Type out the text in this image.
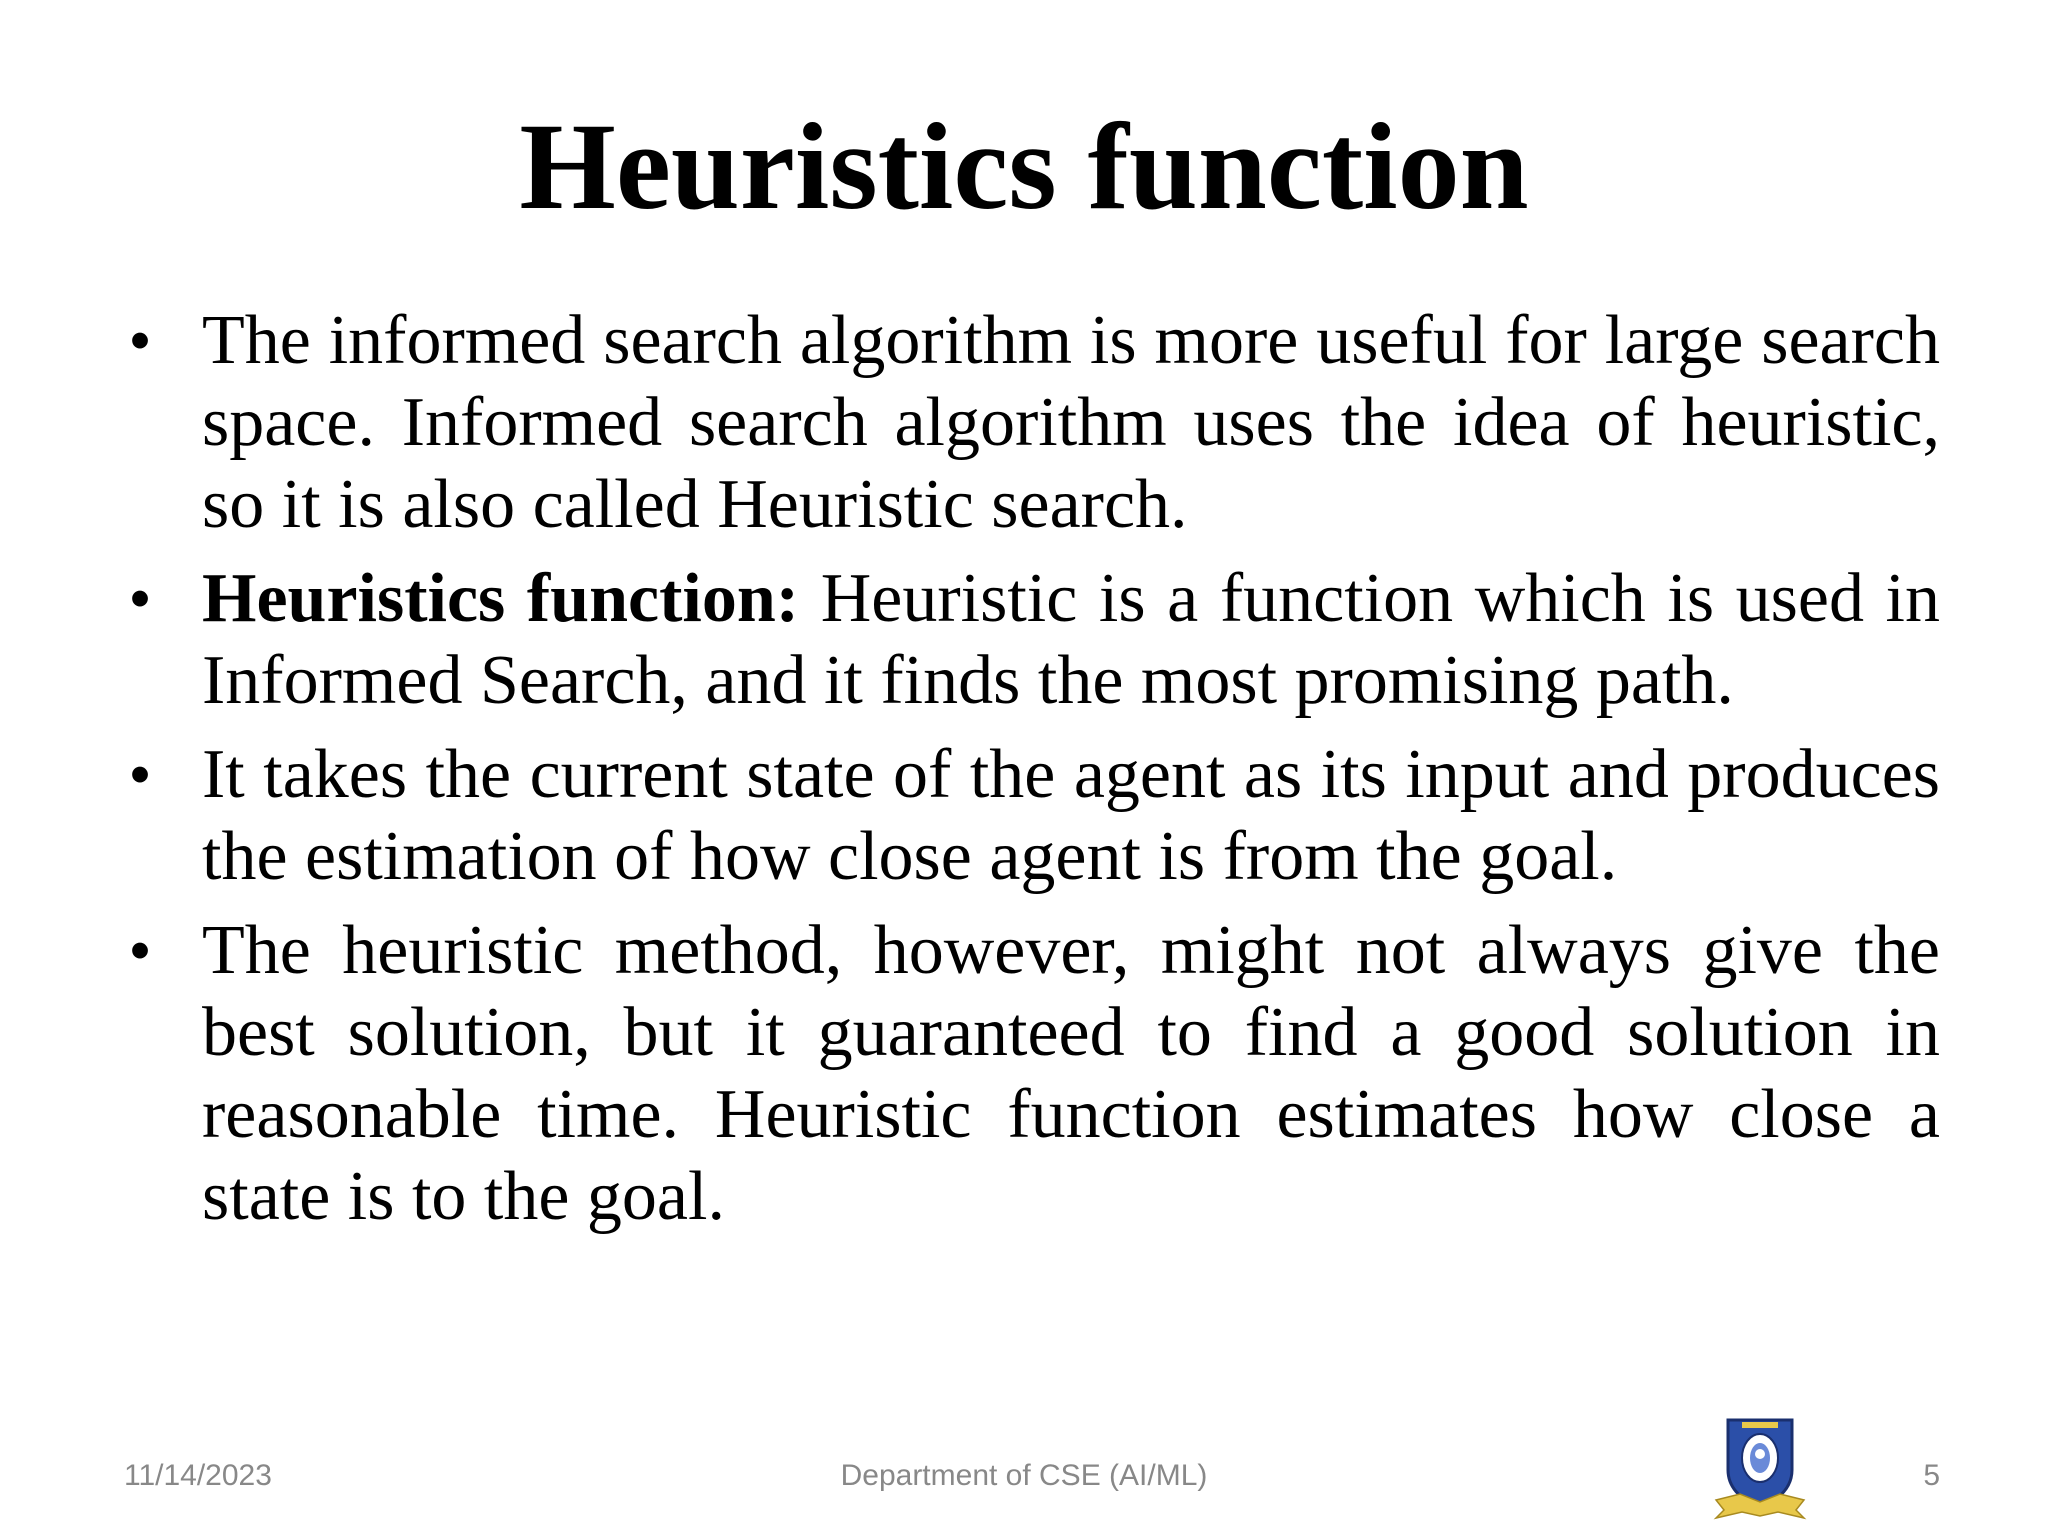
Heuristics function
• The informed search algorithm is more useful for large search space. Informed search algorithm uses the idea of heuristic, so it is also called Heuristic search.
• Heuristics function: Heuristic is a function which is used in Informed Search, and it finds the most promising path.
• It takes the current state of the agent as its input and produces the estimation of how close agent is from the goal.
• The heuristic method, however, might not always give the best solution, but it guaranteed to find a good solution in reasonable time. Heuristic function estimates how close a state is to the goal.
11/14/2023	Department of CSE (AI/ML)	5
